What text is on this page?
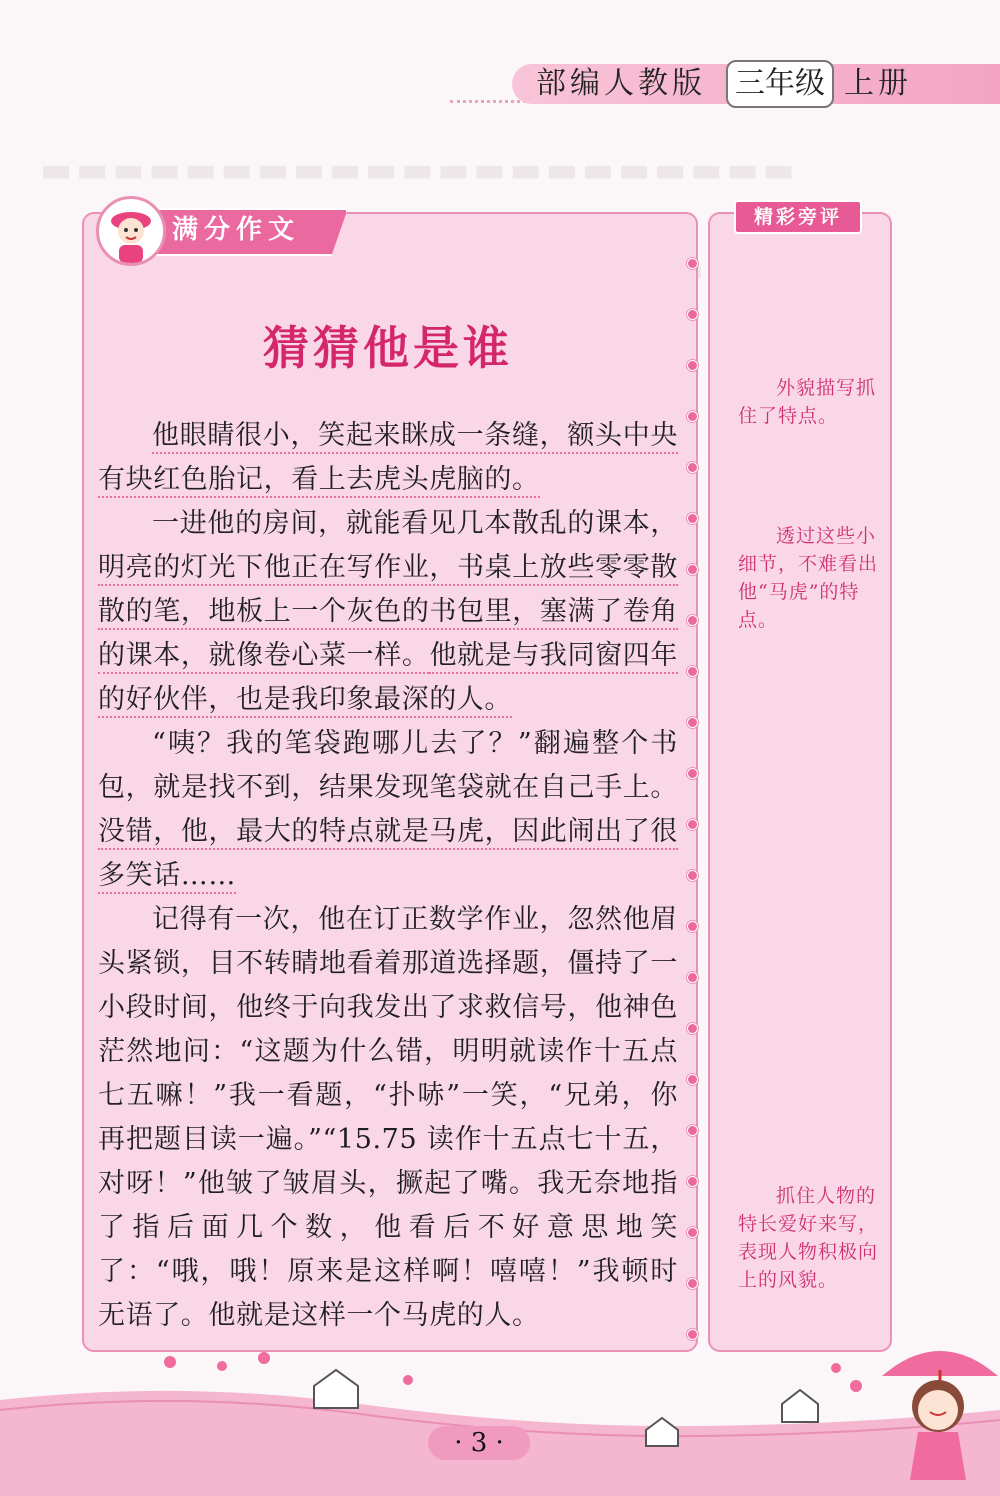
▬▬▬▬▬▬▬▬▬▬▬▬▬▬▬▬▬▬▬▬▬
部编人教版 三年级 上册
满分作文
猜猜他是谁

他眼睛很小，笑起来眯成一条缝，额头中央有块红色胎记，看上去虎头虎脑的。

一进他的房间，就能看见几本散乱的课本，明亮的灯光下他正在写作业，书桌上放些零零散散的笔，地板上一个灰色的书包里，塞满了卷角的课本，就像卷心菜一样。他就是与我同窗四年的好伙伴，也是我印象最深的人。

“咦？我的笔袋跑哪儿去了？”翻遍整个书包，就是找不到，结果发现笔袋就在自己手上。没错，他，最大的特点就是马虎，因此闹出了很多笑话……

记得有一次，他在订正数学作业，忽然他眉头紧锁，目不转睛地看着那道选择题，僵持了一小段时间，他终于向我发出了求救信号，他神色茫然地问：“这题为什么错，明明就读作十五点七五嘛！”我一看题，“扑哧”一笑，“兄弟，你再把题目读一遍。”“15.75 读作十五点七十五，对呀！”他皱了皱眉头，撅起了嘴。我无奈地指了指后面几个数，他看后不好意思地笑了：“哦，哦！原来是这样啊！嘻嘻！”我顿时无语了。他就是这样一个马虎的人。

精彩旁评
外貌描写抓住了特点。
透过这些小细节，不难看出他“马虎”的特点。
抓住人物的特长爱好来写，表现人物积极向上的风貌。
· 3 ·
